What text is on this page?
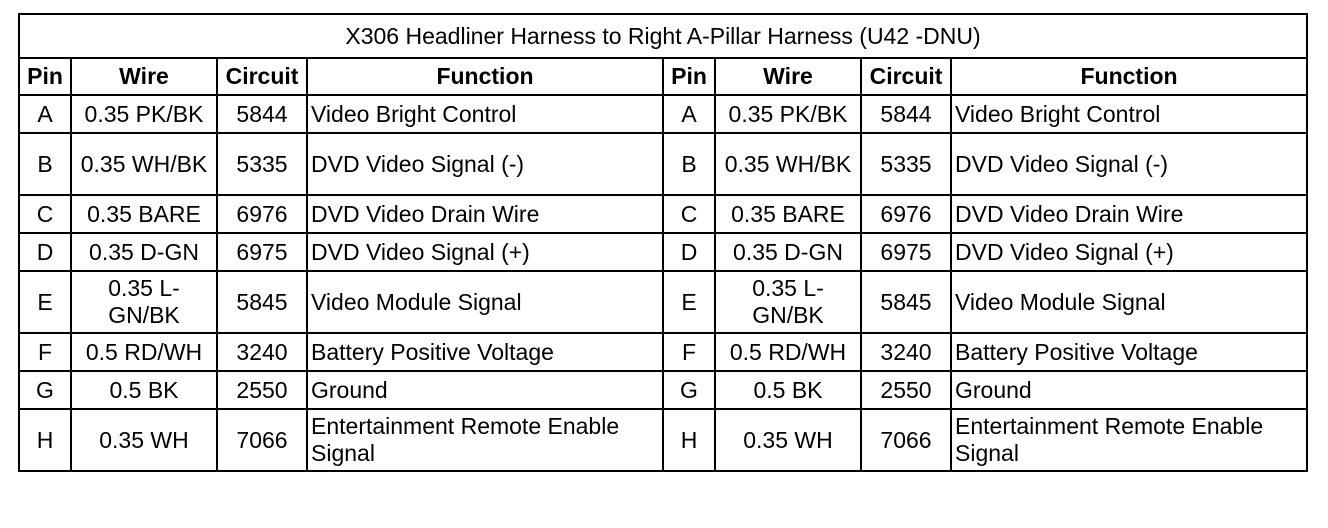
X306 Headliner Harness to Right A-Pillar Harness (U42 -DNU)							
Pin	Wire	Circuit	Function	Pin	Wire	Circuit	Function
A	0.35 PK/BK	5844	Video Bright Control	A	0.35 PK/BK	5844	Video Bright Control
B	0.35 WH/BK	5335	DVD Video Signal (-)	B	0.35 WH/BK	5335	DVD Video Signal (-)
C	0.35 BARE	6976	DVD Video Drain Wire	C	0.35 BARE	6976	DVD Video Drain Wire
D	0.35 D-GN	6975	DVD Video Signal (+)	D	0.35 D-GN	6975	DVD Video Signal (+)
E	0.35 L-GN/BK	5845	Video Module Signal	E	0.35 L-GN/BK	5845	Video Module Signal
F	0.5 RD/WH	3240	Battery Positive Voltage	F	0.5 RD/WH	3240	Battery Positive Voltage
G	0.5 BK	2550	Ground	G	0.5 BK	2550	Ground
H	0.35 WH	7066	Entertainment Remote Enable Signal	H	0.35 WH	7066	Entertainment Remote Enable Signal
